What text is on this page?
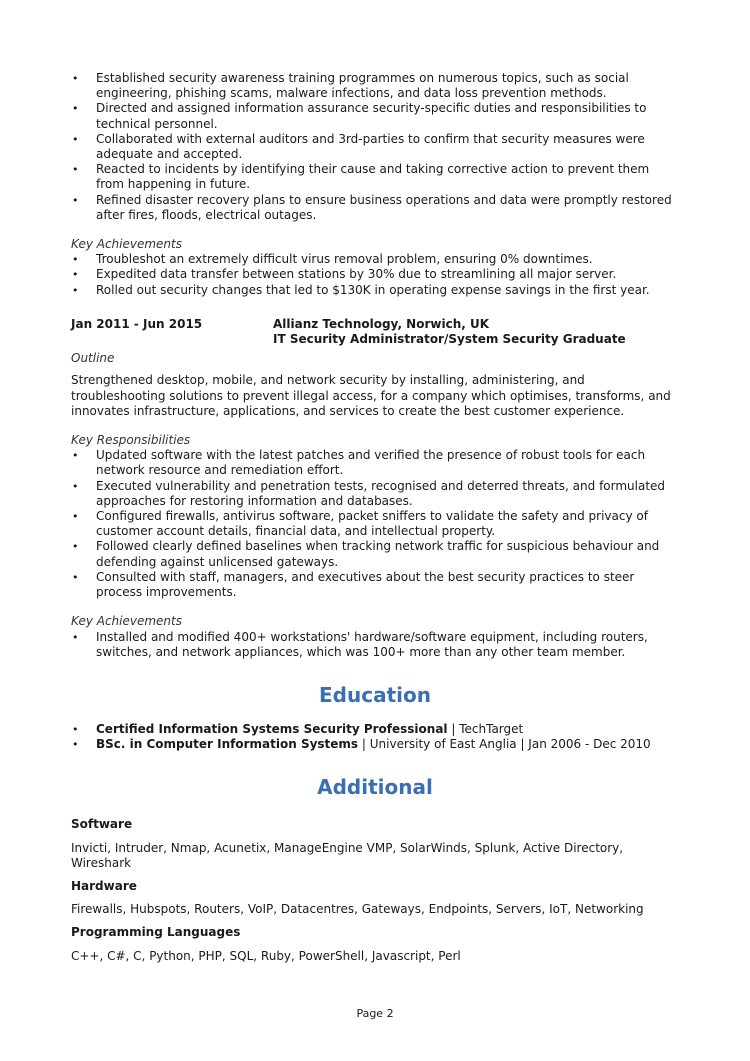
• Established security awareness training programmes on numerous topics, such as social engineering, phishing scams, malware infections, and data loss prevention methods.
• Directed and assigned information assurance security-specific duties and responsibilities to technical personnel.
• Collaborated with external auditors and 3rd-parties to confirm that security measures were adequate and accepted.
• Reacted to incidents by identifying their cause and taking corrective action to prevent them from happening in future.
• Refined disaster recovery plans to ensure business operations and data were promptly restored after fires, floods, electrical outages.
Key Achievements
• Troubleshot an extremely difficult virus removal problem, ensuring 0% downtimes.
• Expedited data transfer between stations by 30% due to streamlining all major server.
• Rolled out security changes that led to $130K in operating expense savings in the first year.
Jan 2011 - Jun 2015	Allianz Technology, Norwich, UK
IT Security Administrator/System Security Graduate
Outline
Strengthened desktop, mobile, and network security by installing, administering, and troubleshooting solutions to prevent illegal access, for a company which optimises, transforms, and innovates infrastructure, applications, and services to create the best customer experience.
Key Responsibilities
• Updated software with the latest patches and verified the presence of robust tools for each network resource and remediation effort.
• Executed vulnerability and penetration tests, recognised and deterred threats, and formulated approaches for restoring information and databases.
• Configured firewalls, antivirus software, packet sniffers to validate the safety and privacy of customer account details, financial data, and intellectual property.
• Followed clearly defined baselines when tracking network traffic for suspicious behaviour and defending against unlicensed gateways.
• Consulted with staff, managers, and executives about the best security practices to steer process improvements.
Key Achievements
• Installed and modified 400+ workstations' hardware/software equipment, including routers, switches, and network appliances, which was 100+ more than any other team member.
Education
• Certified Information Systems Security Professional | TechTarget
• BSc. in Computer Information Systems | University of East Anglia | Jan 2006 - Dec 2010
Additional
Software
Invicti, Intruder, Nmap, Acunetix, ManageEngine VMP, SolarWinds, Splunk, Active Directory, Wireshark
Hardware
Firewalls, Hubspots, Routers, VoIP, Datacentres, Gateways, Endpoints, Servers, IoT, Networking
Programming Languages
C++, C#, C, Python, PHP, SQL, Ruby, PowerShell, Javascript, Perl
Page 2
